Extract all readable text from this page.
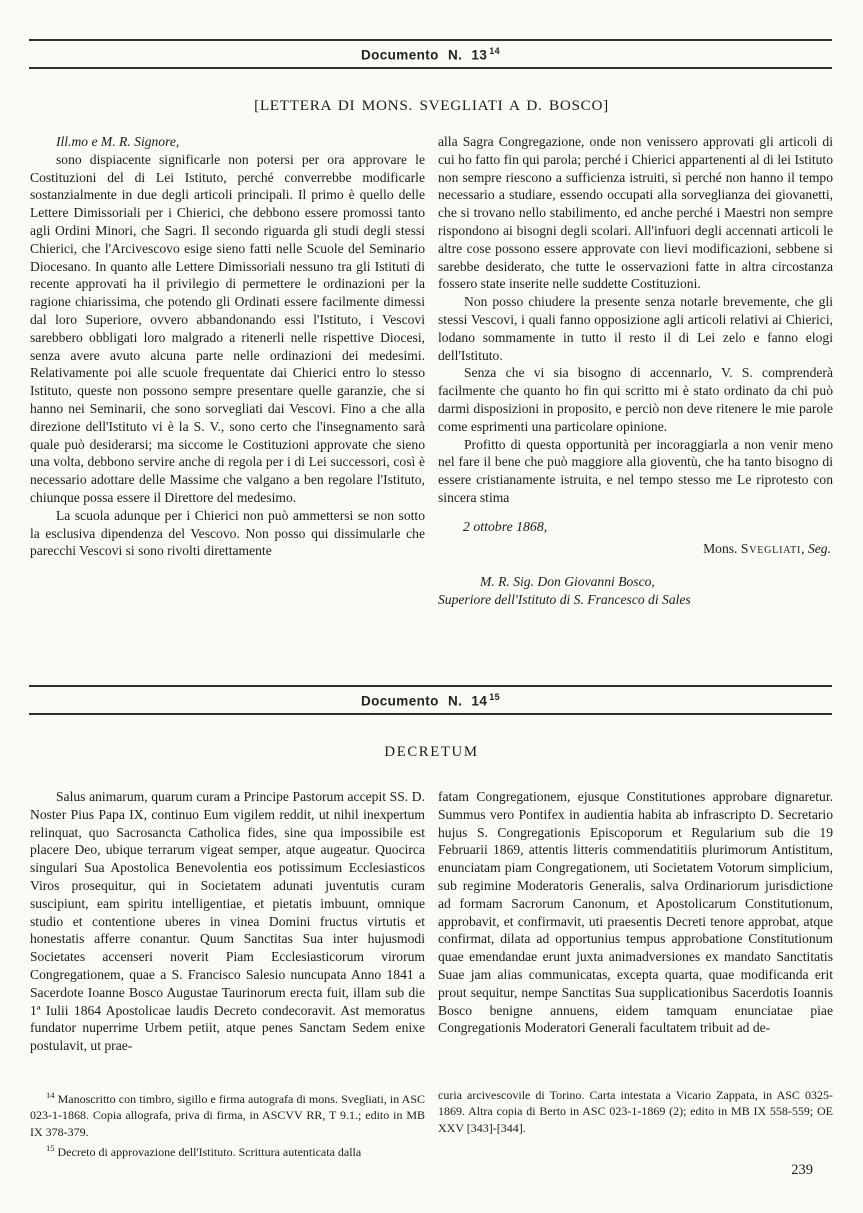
Documento N. 13 $^{14}$
[LETTERA DI MONS. SVEGLIATI A D. BOSCO]

Ill.mo e M. R. Signore,

sono dispiacente significarle non potersi per ora approvare le Costituzioni del di Lei Istituto, perché converrebbe modificarle sostanzialmente in due degli articoli principali. Il primo è quello delle Lettere Dimissoriali per i Chierici, che debbono essere promossi tanto agli Ordini Minori, che Sagri. Il secondo riguarda gli studi degli stessi Chierici, che l'Arcivescovo esige sieno fatti nelle Scuole del Seminario Diocesano. In quanto alle Lettere Dimissoriali nessuno tra gli Istituti di recente approvati ha il privilegio di permettere le ordinazioni per la ragione chiarissima, che potendo gli Ordinati essere facilmente dimessi dal loro Superiore, ovvero abbandonando essi l'Istituto, i Vescovi sarebbero obbligati loro malgrado a ritenerli nelle rispettive Diocesi, senza avere avuto alcuna parte nelle ordinazioni dei medesimi. Relativamente poi alle scuole frequentate dai Chierici entro lo stesso Istituto, queste non possono sempre presentare quelle garanzie, che si hanno nei Seminarii, che sono sorvegliati dai Vescovi. Fino a che alla direzione dell'Istituto vi è la S. V., sono certo che l'insegnamento sarà quale può desiderarsi; ma siccome le Costituzioni approvate che sieno una volta, debbono servire anche di regola per i di Lei successori, così è necessario adottare delle Massime che valgano a ben regolare l'Istituto, chiunque possa essere il Direttore del medesimo.

La scuola adunque per i Chierici non può ammettersi se non sotto la esclusiva dipendenza del Vescovo. Non posso qui dissimularle che parecchi Vescovi si sono rivolti direttamente

alla Sagra Congregazione, onde non venissero approvati gli articoli di cui ho fatto fin qui parola; perché i Chierici appartenenti al di lei Istituto non sempre riescono a sufficienza istruiti, sì perché non hanno il tempo necessario a studiare, essendo occupati alla sorveglianza dei giovanetti, che si trovano nello stabilimento, ed anche perché i Maestri non sempre rispondono ai bisogni degli scolari. All'infuori degli accennati articoli le altre cose possono essere approvate con lievi modificazioni, sebbene si sarebbe desiderato, che tutte le osservazioni fatte in altra circostanza fossero state inserite nelle suddette Costituzioni.

Non posso chiudere la presente senza notarle brevemente, che gli stessi Vescovi, i quali fanno opposizione agli articoli relativi ai Chierici, lodano sommamente in tutto il resto il di Lei zelo e fanno elogi dell'Istituto.

Senza che vi sia bisogno di accennarlo, V. S. comprenderà facilmente che quanto ho fin qui scritto mi è stato ordinato da chi può darmi disposizioni in proposito, e perciò non deve ritenere le mie parole come esprimenti una particolare opinione.

Profitto di questa opportunità per incoraggiarla a non venir meno nel fare il bene che può maggiore alla gioventù, che ha tanto bisogno di essere cristianamente istruita, e nel tempo stesso me Le riprotesto con sincera stima

2 ottobre 1868,
Mons. Svegliati, Seg.

M. R. Sig. Don Giovanni Bosco,

Superiore dell'Istituto di S. Francesco di Sales

Documento N. 14 $^{15}$
DECRETUM

Salus animarum, quarum curam a Principe Pastorum accepit SS. D. Noster Pius Papa IX, continuo Eum vigilem reddit, ut nihil inexpertum relinquat, quo Sacrosancta Catholica fides, sine qua impossibile est placere Deo, ubique terrarum vigeat semper, atque augeatur. Quocirca singulari Sua Apostolica Benevolentia eos potissimum Ecclesiasticos Viros prosequitur, qui in Societatem adunati juventutis curam suscipiunt, eam spiritu intelligentiae, et pietatis imbuunt, omnique studio et contentione uberes in vinea Domini fructus virtutis et honestatis afferre conantur. Quum Sanctitas Sua inter hujusmodi Societates accenseri noverit Piam Ecclesiasticorum virorum Congregationem, quae a S. Francisco Salesio nuncupata Anno 1841 a Sacerdote Ioanne Bosco Augustae Taurinorum erecta fuit, illam sub die 1ª Iulii 1864 Apostolicae laudis Decreto condecoravit. Ast memoratus fundator nuperrime Urbem petiit, atque penes Sanctam Sedem enixe postulavit, ut prae-

fatam Congregationem, ejusque Constitutiones approbare dignaretur. Summus vero Pontifex in audientia habita ab infrascripto D. Secretario hujus S. Congregationis Episcoporum et Regularium sub die 19 Februarii 1869, attentis litteris commendatitiis plurimorum Antistitum, enunciatam piam Congregationem, uti Societatem Votorum simplicium, sub regimine Moderatoris Generalis, salva Ordinariorum jurisdictione ad formam Sacrorum Canonum, et Apostolicarum Constitutionum, approbavit, et confirmavit, uti praesentis Decreti tenore approbat, atque confirmat, dilata ad opportunius tempus approbatione Constitutionum quae emendandae erunt juxta animadversiones ex mandato Sanctitatis Suae jam alias communicatas, excepta quarta, quae modificanda erit prout sequitur, nempe Sanctitas Sua supplicationibus Sacerdotis Ioannis Bosco benigne annuens, eidem tamquam enunciatae piae Congregationis Moderatori Generali facultatem tribuit ad de-

$^{14}$ Manoscritto con timbro, sigillo e firma autografa di mons. Svegliati, in ASC 023-1-1868. Copia allografa, priva di firma, in ASCVV RR, T 9.1.; edito in MB IX 378-379.

$^{15}$ Decreto di approvazione dell'Istituto. Scrittura autenticata dalla

curia arcivescovile di Torino. Carta intestata a Vicario Zappata, in ASC 0325-1869. Altra copia di Berto in ASC 023-1-1869 (2); edito in MB IX 558-559; OE XXV [343]-[344].

239
